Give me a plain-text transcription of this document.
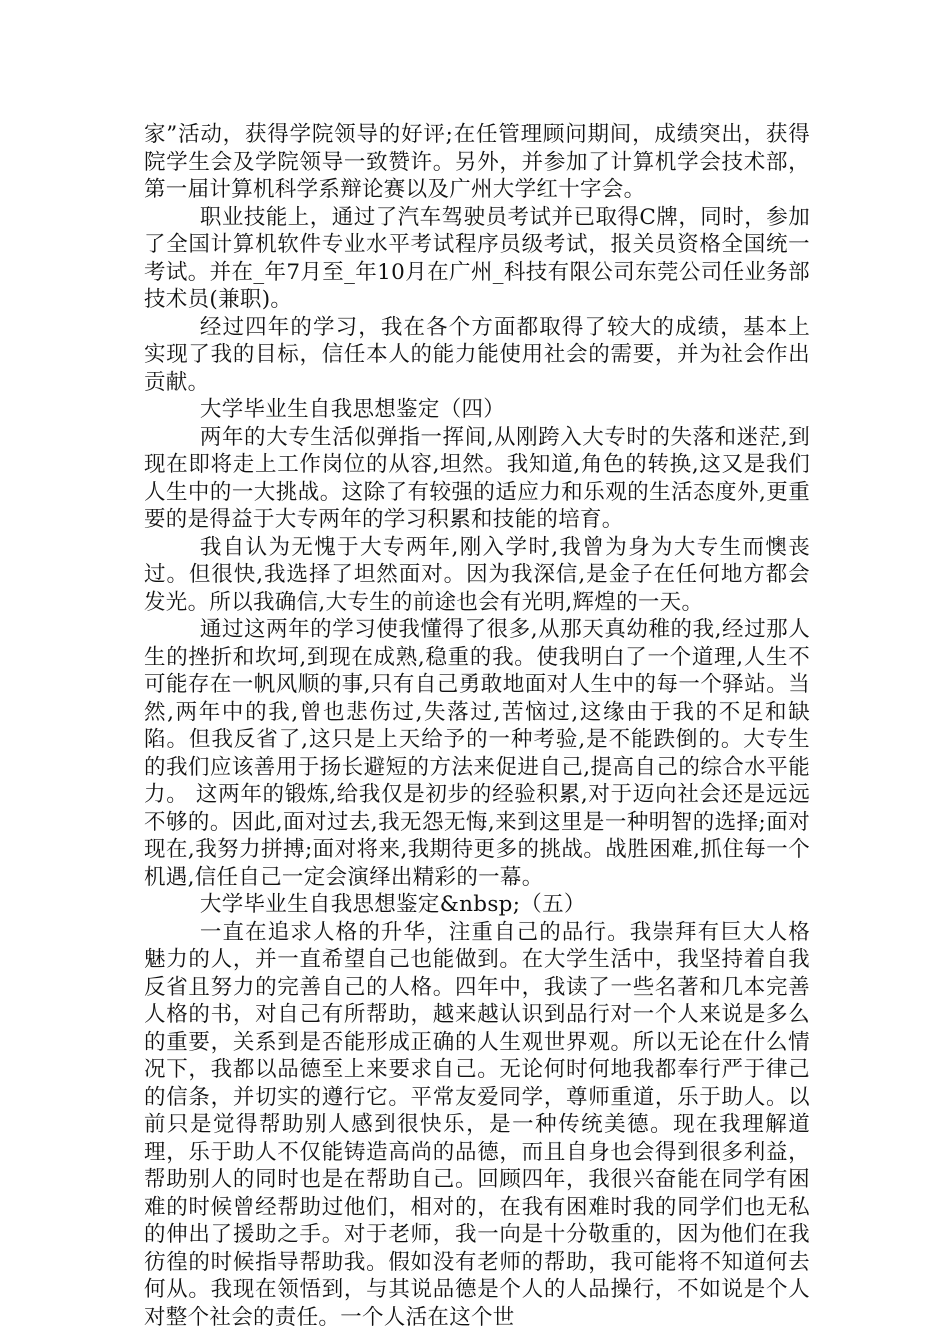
家”活动，获得学院领导的好评;在任管理顾问期间，成绩突出，获得院学生会及学院领导一致赞许。另外，并参加了计算机学会技术部，第一届计算机科学系辩论赛以及广州大学红十字会。

职业技能上，通过了汽车驾驶员考试并已取得C牌，同时，参加了全国计算机软件专业水平考试程序员级考试，报关员资格全国统一考试。并在_年7月至_年10月在广州_科技有限公司东莞公司任业务部技术员(兼职)。

经过四年的学习，我在各个方面都取得了较大的成绩，基本上实现了我的目标，信任本人的能力能使用社会的需要，并为社会作出贡献。

大学毕业生自我思想鉴定（四）

两年的大专生活似弹指一挥间,从刚跨入大专时的失落和迷茫,到现在即将走上工作岗位的从容,坦然。我知道,角色的转换,这又是我们人生中的一大挑战。这除了有较强的适应力和乐观的生活态度外,更重要的是得益于大专两年的学习积累和技能的培育。

我自认为无愧于大专两年,刚入学时,我曾为身为大专生而懊丧过。但很快,我选择了坦然面对。因为我深信,是金子在任何地方都会发光。所以我确信,大专生的前途也会有光明,辉煌的一天。

通过这两年的学习使我懂得了很多,从那天真幼稚的我,经过那人生的挫折和坎坷,到现在成熟,稳重的我。使我明白了一个道理,人生不可能存在一帆风顺的事,只有自己勇敢地面对人生中的每一个驿站。当然,两年中的我,曾也悲伤过,失落过,苦恼过,这缘由于我的不足和缺陷。但我反省了,这只是上天给予的一种考验,是不能跌倒的。大专生的我们应该善用于扬长避短的方法来促进自己,提高自己的综合水平能力。 这两年的锻炼,给我仅是初步的经验积累,对于迈向社会还是远远不够的。因此,面对过去,我无怨无悔,来到这里是一种明智的选择;面对现在,我努力拼搏;面对将来,我期待更多的挑战。战胜困难,抓住每一个机遇,信任自己一定会演绎出精彩的一幕。

大学毕业生自我思想鉴定&nbsp;（五）

一直在追求人格的升华，注重自己的品行。我崇拜有巨大人格魅力的人，并一直希望自己也能做到。在大学生活中，我坚持着自我反省且努力的完善自己的人格。四年中，我读了一些名著和几本完善人格的书，对自己有所帮助，越来越认识到品行对一个人来说是多么的重要，关系到是否能形成正确的人生观世界观。所以无论在什么情况下，我都以品德至上来要求自己。无论何时何地我都奉行严于律己的信条，并切实的遵行它。平常友爱同学，尊师重道，乐于助人。以前只是觉得帮助别人感到很快乐，是一种传统美德。现在我理解道理，乐于助人不仅能铸造高尚的品德，而且自身也会得到很多利益，帮助别人的同时也是在帮助自己。回顾四年，我很兴奋能在同学有困难的时候曾经帮助过他们，相对的，在我有困难时我的同学们也无私的伸出了援助之手。对于老师，我一向是十分敬重的，因为他们在我彷徨的时候指导帮助我。假如没有老师的帮助，我可能将不知道何去何从。我现在领悟到，与其说品德是个人的人品操行，不如说是个人对整个社会的责任。一个人活在这个世
